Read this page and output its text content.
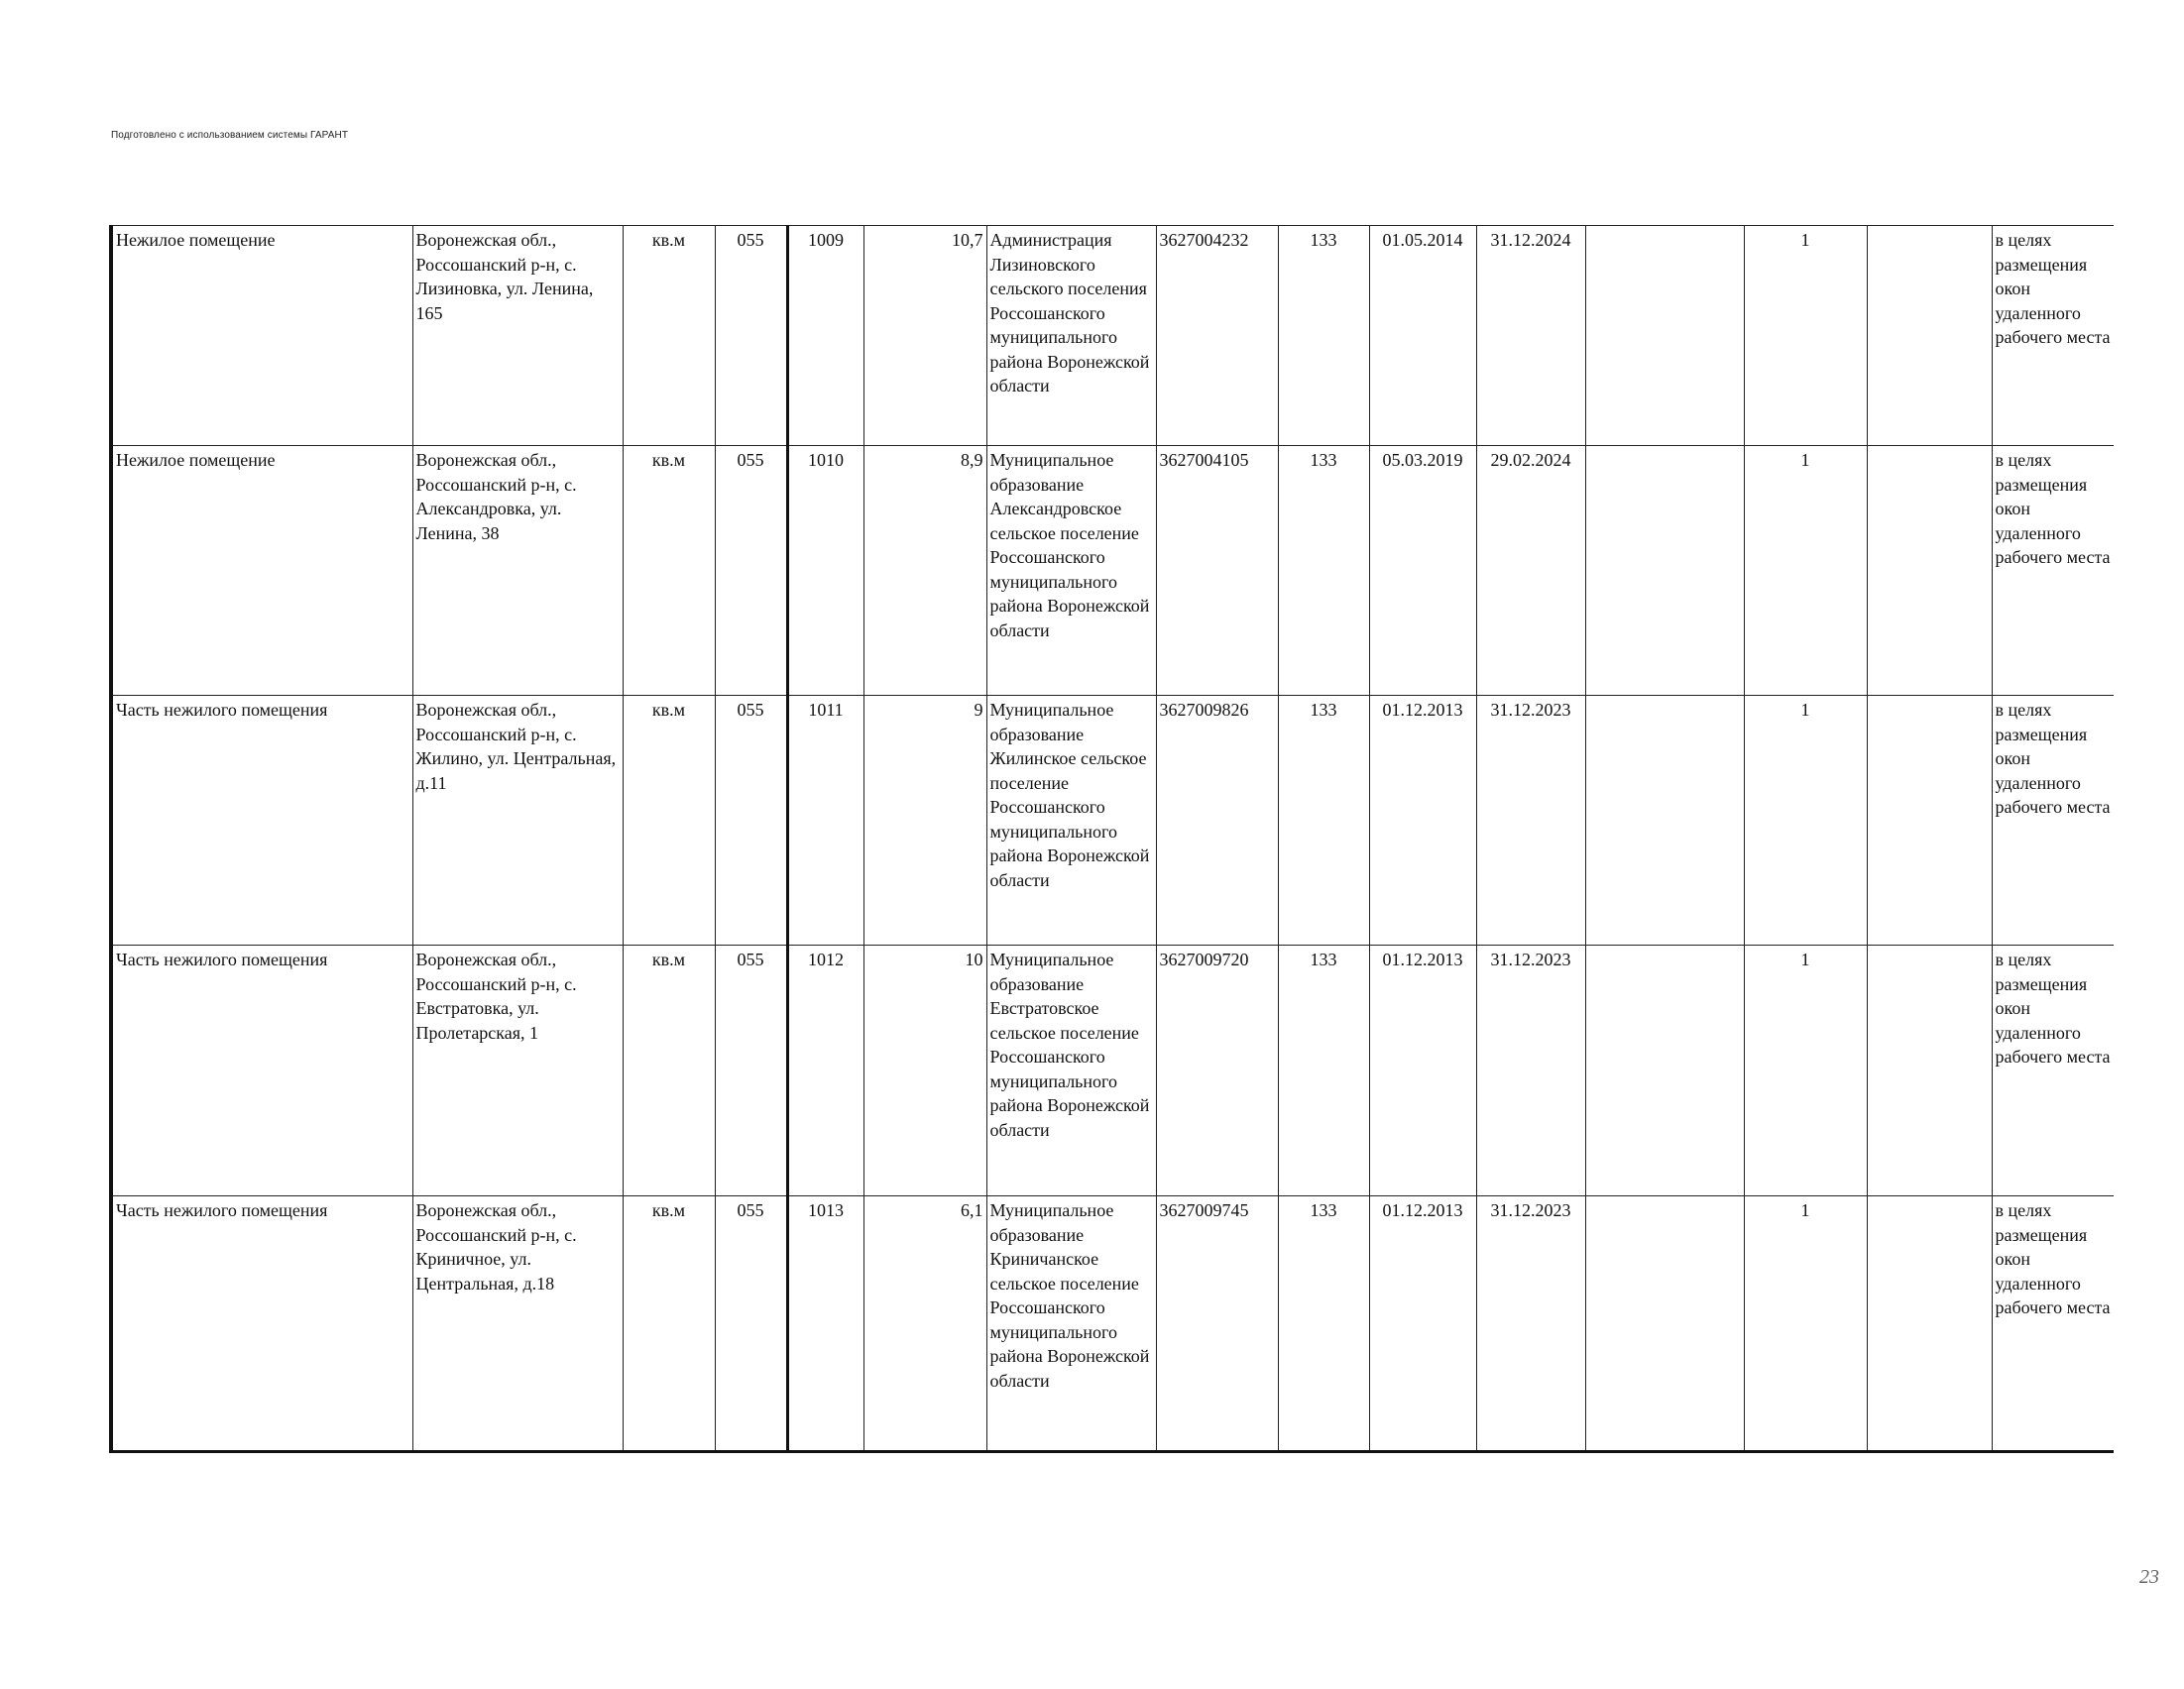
Подготовлено с использованием системы ГАРАНТ
Нежилое помещение	Воронежская обл., Россошанский р-н, с. Лизиновка, ул. Ленина, 165	кв.м	055	1009	10,7	Администрация Лизиновского сельского поселения Россошанского муниципального района Воронежской области	3627004232	133	01.05.2014	31.12.2024		1		в целях размещения окон удаленного рабочего места
Нежилое помещение	Воронежская обл., Россошанский р-н, с. Александровка, ул. Ленина, 38	кв.м	055	1010	8,9	Муниципальное образование Александровское сельское поселение Россошанского муниципального района Воронежской области	3627004105	133	05.03.2019	29.02.2024		1		в целях размещения окон удаленного рабочего места
Часть нежилого помещения	Воронежская обл., Россошанский р-н, с. Жилино, ул. Центральная, д.11	кв.м	055	1011	9	Муниципальное образование Жилинское сельское поселение Россошанского муниципального района Воронежской области	3627009826	133	01.12.2013	31.12.2023		1		в целях размещения окон удаленного рабочего места
Часть нежилого помещения	Воронежская обл., Россошанский р-н, с. Евстратовка, ул. Пролетарская, 1	кв.м	055	1012	10	Муниципальное образование Евстратовское сельское поселение Россошанского муниципального района Воронежской области	3627009720	133	01.12.2013	31.12.2023		1		в целях размещения окон удаленного рабочего места
Часть нежилого помещения	Воронежская обл., Россошанский р-н, с. Криничное, ул. Центральная, д.18	кв.м	055	1013	6,1	Муниципальное образование Криничанское сельское поселение Россошанского муниципального района Воронежской области	3627009745	133	01.12.2013	31.12.2023		1		в целях размещения окон удаленного рабочего места
23
